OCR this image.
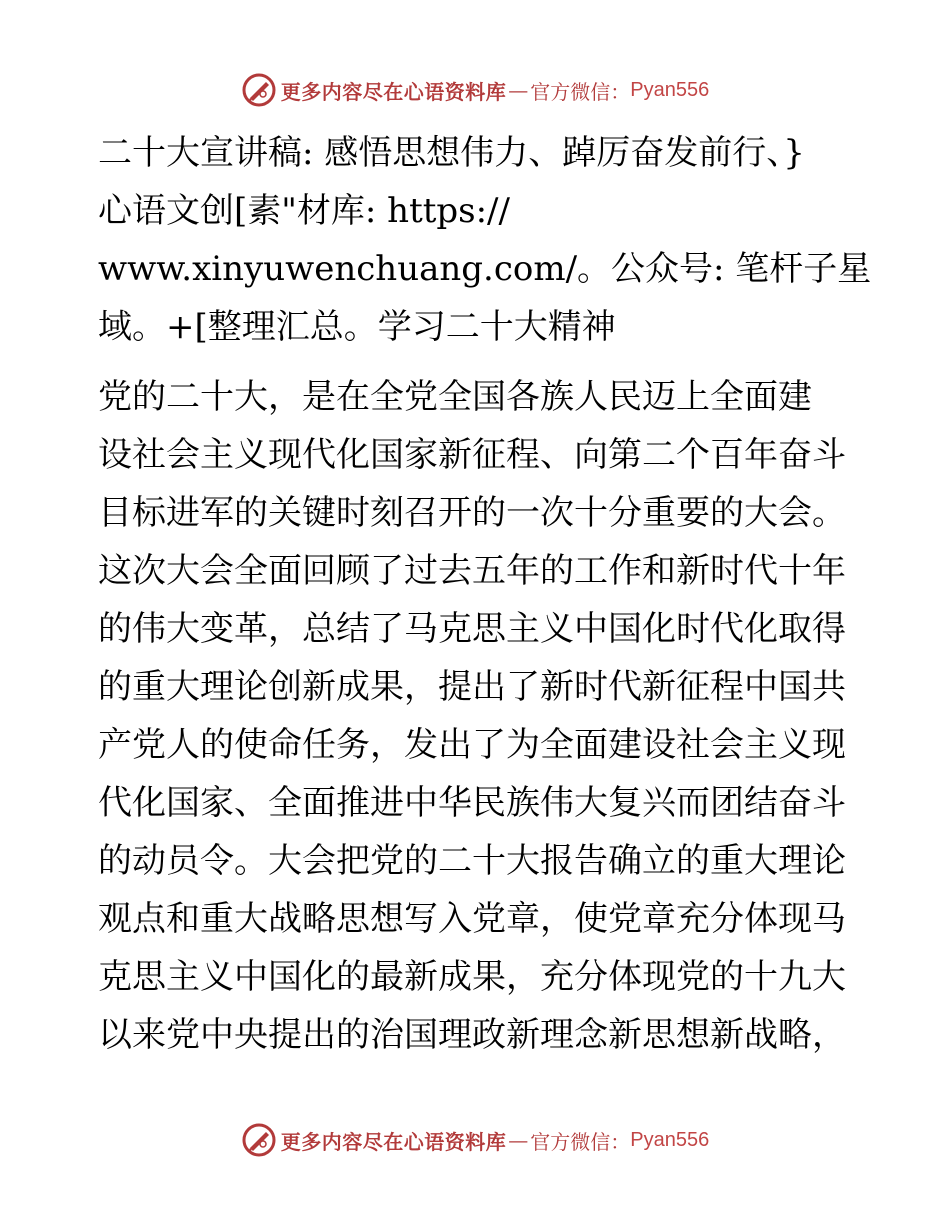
更多内容尽在心语资料库 — 官方微信： Pyan556
二十大宣讲稿: 感悟思想伟力、踔厉奋发前行、}
心语文创[素"材库: https://
www.xinyuwenchuang.com/。公众号: 笔杆子星
域。+[整理汇总。学习二十大精神
党的二十大，是在全党全国各族人民迈上全面建
设社会主义现代化国家新征程、向第二个百年奋斗
目标进军的关键时刻召开的一次十分重要的大会。
这次大会全面回顾了过去五年的工作和新时代十年
的伟大变革，总结了马克思主义中国化时代化取得
的重大理论创新成果，提出了新时代新征程中国共
产党人的使命任务，发出了为全面建设社会主义现
代化国家、全面推进中华民族伟大复兴而团结奋斗
的动员令。大会把党的二十大报告确立的重大理论
观点和重大战略思想写入党章，使党章充分体现马
克思主义中国化的最新成果，充分体现党的十九大
以来党中央提出的治国理政新理念新思想新战略，
更多内容尽在心语资料库 — 官方微信： Pyan556
